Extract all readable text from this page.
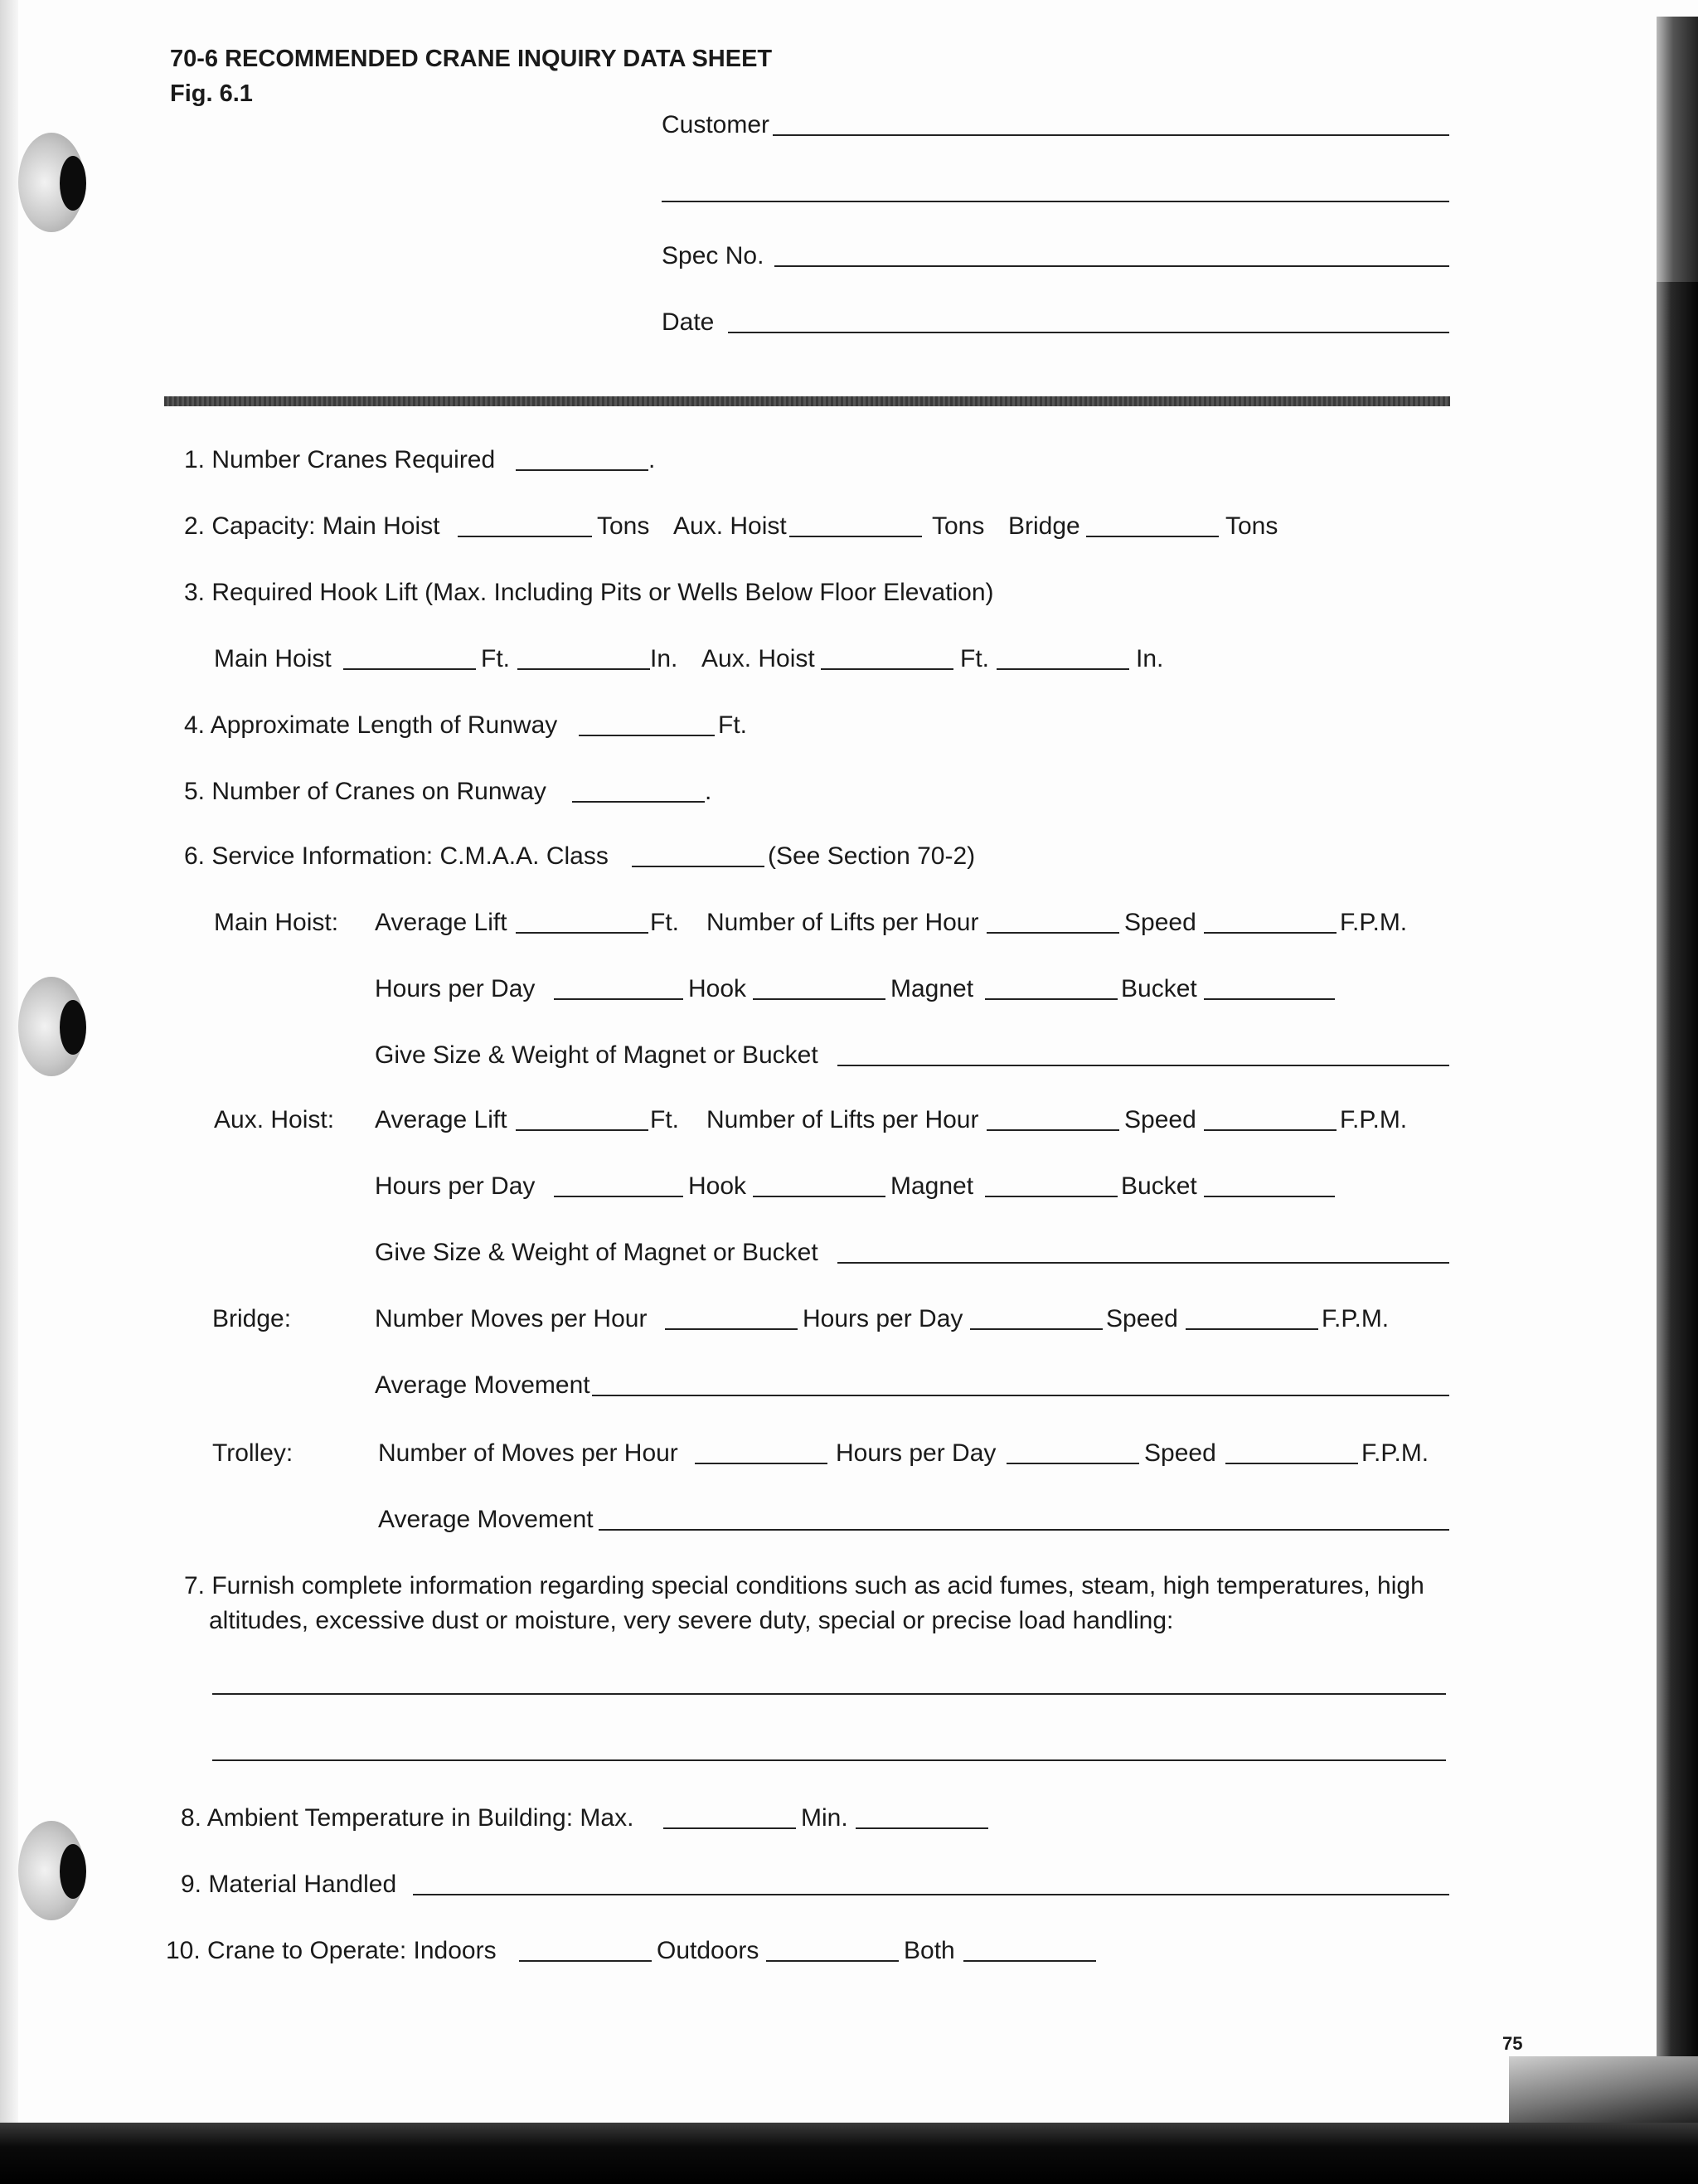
70-6 RECOMMENDED CRANE INQUIRY DATA SHEET
Fig. 6.1
Customer
Spec No.
Date
1. Number Cranes Required	.
2. Capacity: Main Hoist	Tons Aux. Hoist	Tons Bridge	Tons
3. Required Hook Lift (Max. Including Pits or Wells Below Floor Elevation)
Main Hoist	Ft.	In. Aux. Hoist	Ft.	In.
4. Approximate Length of Runway	Ft.
5. Number of Cranes on Runway	.
6. Service Information: C.M.A.A. Class	(See Section 70-2)
Main Hoist: Average Lift	Ft. Number of Lifts per Hour	Speed	F.P.M.
Hours per Day	Hook	Magnet	Bucket
Give Size & Weight of Magnet or Bucket
Aux. Hoist: Average Lift	Ft. Number of Lifts per Hour	Speed	F.P.M.
Hours per Day	Hook	Magnet	Bucket
Give Size & Weight of Magnet or Bucket
Bridge:	Number Moves per Hour	Hours per Day	Speed	F.P.M.
Average Movement
Trolley:	Number of Moves per Hour	Hours per Day	Speed	F.P.M.
Average Movement
7. Furnish complete information regarding special conditions such as acid fumes, steam, high temperatures, high
altitudes, excessive dust or moisture, very severe duty, special or precise load handling:
8. Ambient Temperature in Building: Max.	Min.
9. Material Handled
10. Crane to Operate: Indoors	Outdoors	Both
75
